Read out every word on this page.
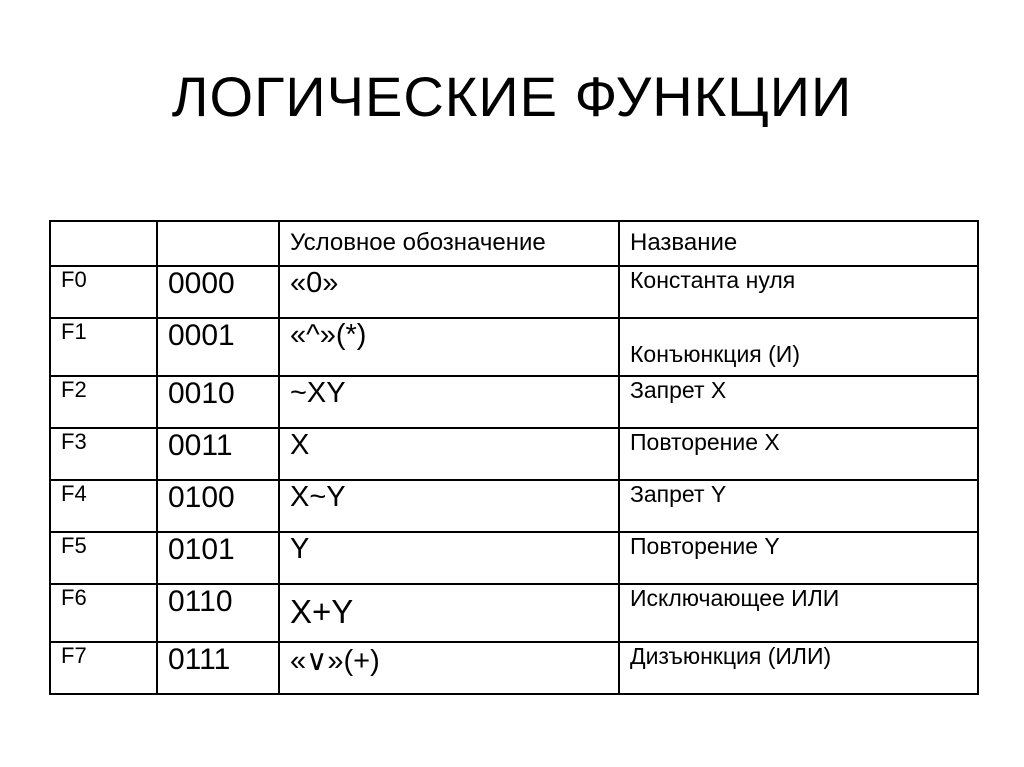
ЛОГИЧЕСКИЕ ФУНКЦИИ
		Условное обозначение	Название
F0	0000	«0»	Константа нуля
F1	0001	«^»(*)	Конъюнкция (И)
F2	0010	~XY	Запрет X
F3	0011	X	Повторение X
F4	0100	X~Y	Запрет Y
F5	0101	Y	Повторение Y
F6	0110	X+Y	Исключающее ИЛИ
F7	0111	«∨»(+)	Дизъюнкция (ИЛИ)
